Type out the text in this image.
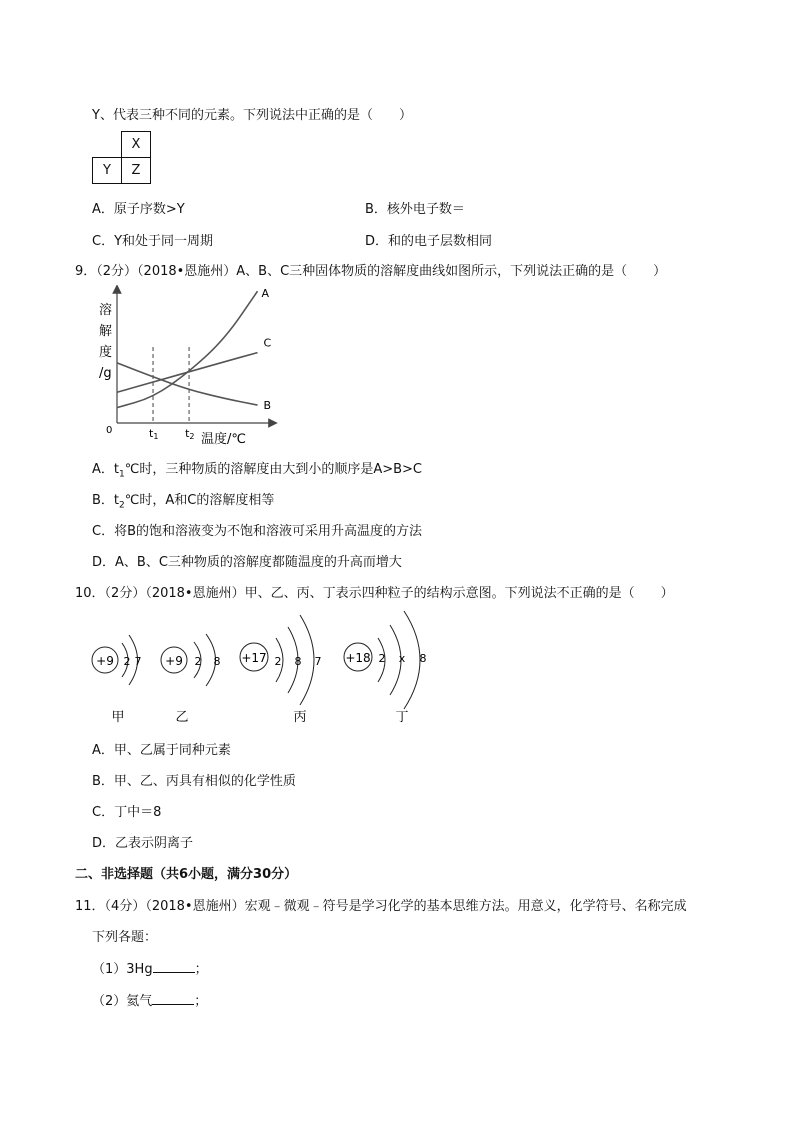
Y、代表三种不同的元素。下列说法中正确的是（　　）
	X
Y	Z
A．原子序数>Y	B．核外电子数＝
C．Y和处于同一周期	D．和的电子层数相同
9．（2分）（2018•恩施州）A、B、C三种固体物质的溶解度曲线如图所示，下列说法正确的是（　　）
溶
解
度
/g
0	t1 t2
A
B
C
温度/℃
A．$t_1℃$时，三种物质的溶解度由大到小的顺序是A>B>C
B．$t_2℃$时，A和C的溶解度相等
C．将B的饱和溶液变为不饱和溶液可采用升高温度的方法
D．A、B、C三种物质的溶解度都随温度的升高而增大
10．（2分）（2018•恩施州）甲、乙、丙、丁表示四种粒子的结构示意图。下列说法不正确的是（　　）
+9 2 7
甲
+9 2 8
乙
+17 2 8 7
丙
+18 2 x 8
丁
A．甲、乙属于同种元素
B．甲、乙、丙具有相似的化学性质
C．丁中＝8
D．乙表示阴离子
二、非选择题（共6小题，满分30分）
11．（4分）（2018•恩施州）宏观﹣微观﹣符号是学习化学的基本思维方法。用意义，化学符号、名称完成
下列各题：
（1）3Hg	；
（2）氦气	；
